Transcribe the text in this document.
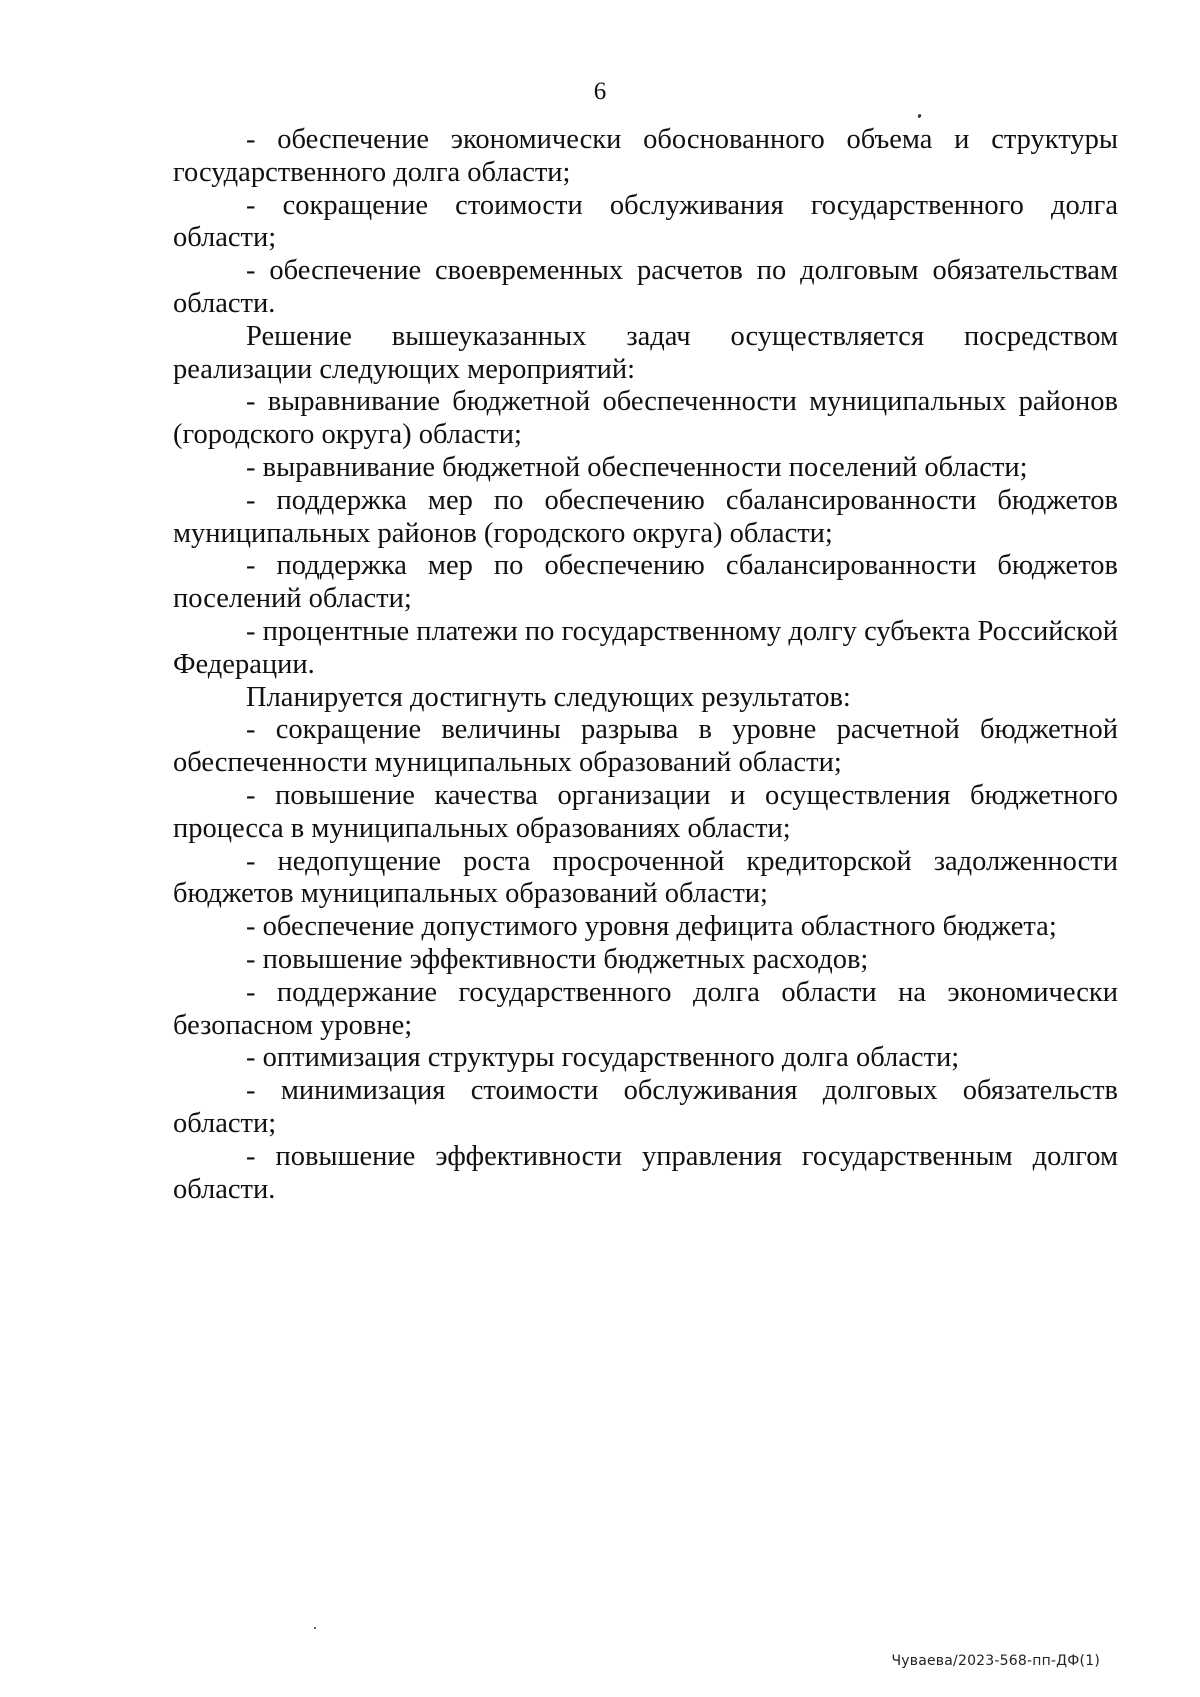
6

- обеспечение экономически обоснованного объема и структуры государственного долга области;

- сокращение стоимости обслуживания государственного долга области;

- обеспечение своевременных расчетов по долговым обязательствам области.

Решение вышеуказанных задач осуществляется посредством реализации следующих мероприятий:

- выравнивание бюджетной обеспеченности муниципальных районов (городского округа) области;

- выравнивание бюджетной обеспеченности поселений области;

- поддержка мер по обеспечению сбалансированности бюджетов муниципальных районов (городского округа) области;

- поддержка мер по обеспечению сбалансированности бюджетов поселений области;

- процентные платежи по государственному долгу субъекта Российской Федерации.

Планируется достигнуть следующих результатов:

- сокращение величины разрыва в уровне расчетной бюджетной обеспеченности муниципальных образований области;

- повышение качества организации и осуществления бюджетного процесса в муниципальных образованиях области;

- недопущение роста просроченной кредиторской задолженности бюджетов муниципальных образований области;

- обеспечение допустимого уровня дефицита областного бюджета;

- повышение эффективности бюджетных расходов;

- поддержание государственного долга области на экономически безопасном уровне;

- оптимизация структуры государственного долга области;

- минимизация стоимости обслуживания долговых обязательств области;

- повышение эффективности управления государственным долгом области.

Чуваева/2023-568-пп-ДФ(1)
